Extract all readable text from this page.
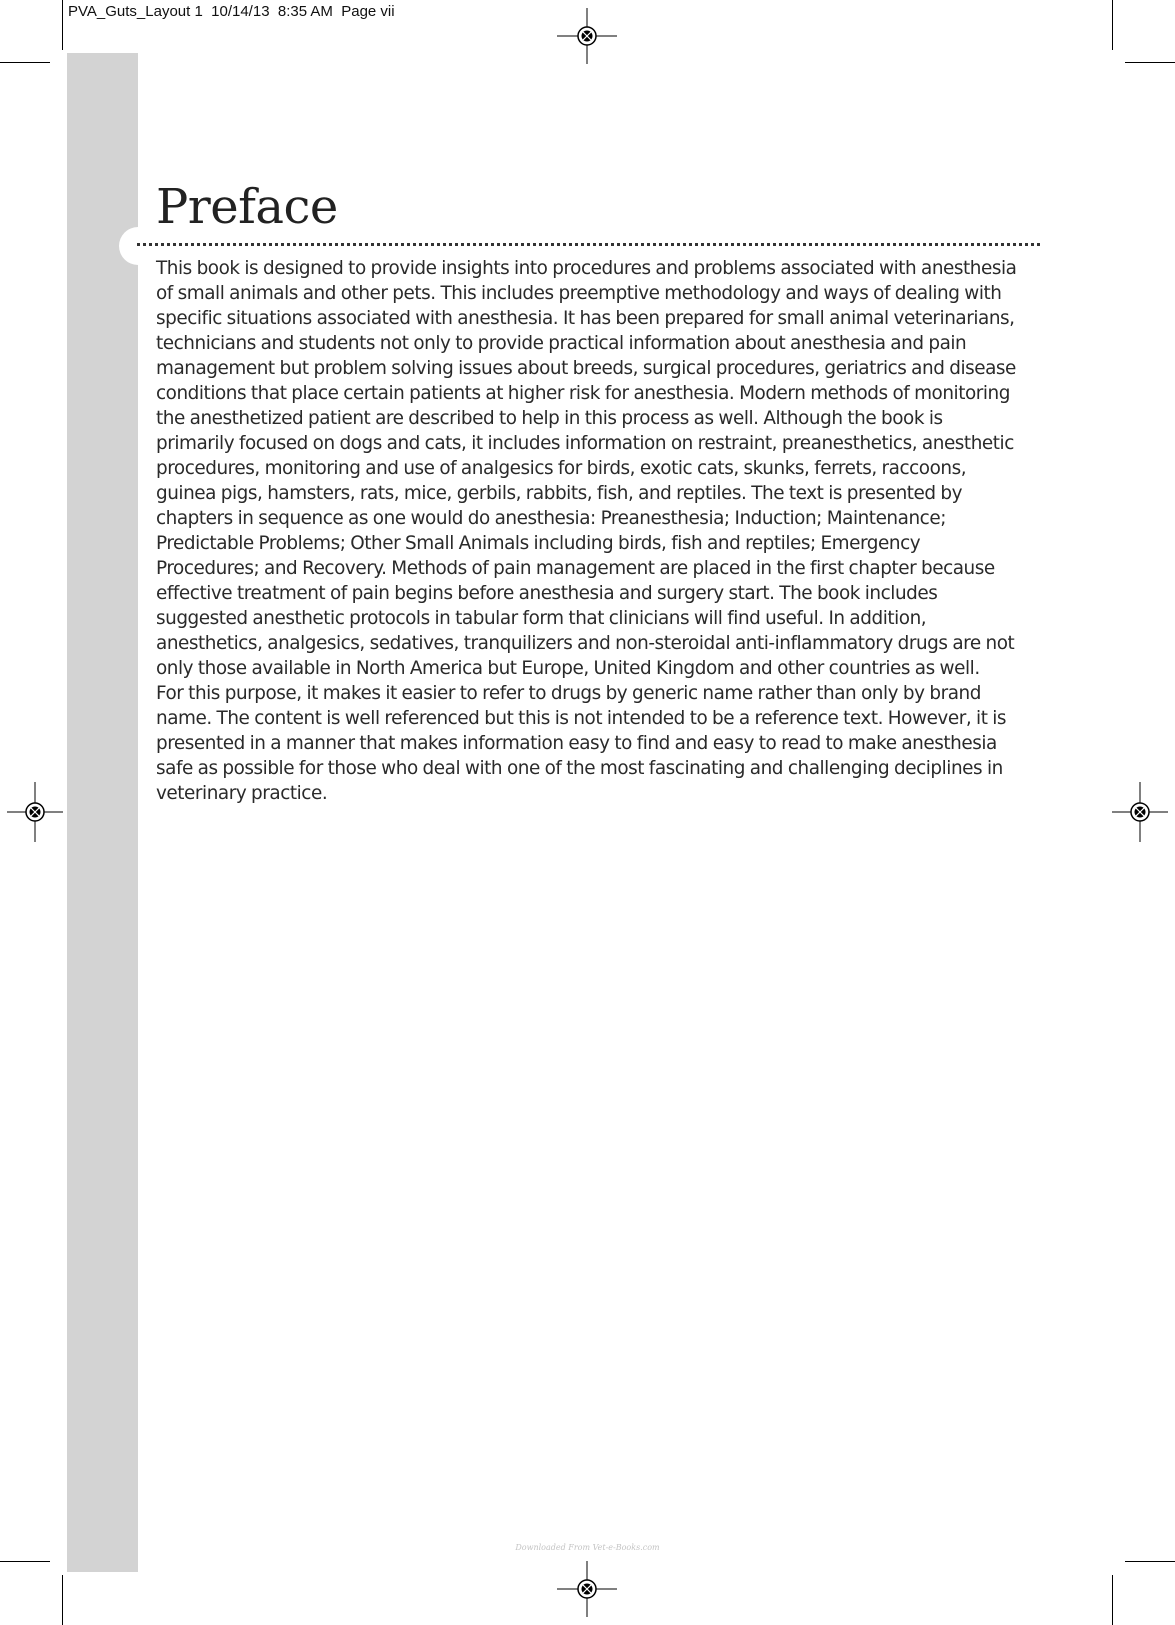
PVA_Guts_Layout 1  10/14/13  8:35 AM  Page vii
Preface
This book is designed to provide insights into procedures and problems associated with anesthesia
of small animals and other pets. This includes preemptive methodology and ways of dealing with
specific situations associated with anesthesia. It has been prepared for small animal veterinarians,
technicians and students not only to provide practical information about anesthesia and pain
management but problem solving issues about breeds, surgical procedures, geriatrics and disease
conditions that place certain patients at higher risk for anesthesia. Modern methods of monitoring
the anesthetized patient are described to help in this process as well. Although the book is
primarily focused on dogs and cats, it includes information on restraint, preanesthetics, anesthetic
procedures, monitoring and use of analgesics for birds, exotic cats, skunks, ferrets, raccoons,
guinea pigs, hamsters, rats, mice, gerbils, rabbits, fish, and reptiles. The text is presented by
chapters in sequence as one would do anesthesia: Preanesthesia; Induction; Maintenance;
Predictable Problems; Other Small Animals including birds, fish and reptiles; Emergency
Procedures; and Recovery. Methods of pain management are placed in the first chapter because
effective treatment of pain begins before anesthesia and surgery start. The book includes
suggested anesthetic protocols in tabular form that clinicians will find useful. In addition,
anesthetics, analgesics, sedatives, tranquilizers and non-steroidal anti-inflammatory drugs are not
only those available in North America but Europe, United Kingdom and other countries as well.
For this purpose, it makes it easier to refer to drugs by generic name rather than only by brand
name. The content is well referenced but this is not intended to be a reference text. However, it is
presented in a manner that makes information easy to find and easy to read to make anesthesia
safe as possible for those who deal with one of the most fascinating and challenging deciplines in
veterinary practice.
Downloaded From Vet-e-Books.com
